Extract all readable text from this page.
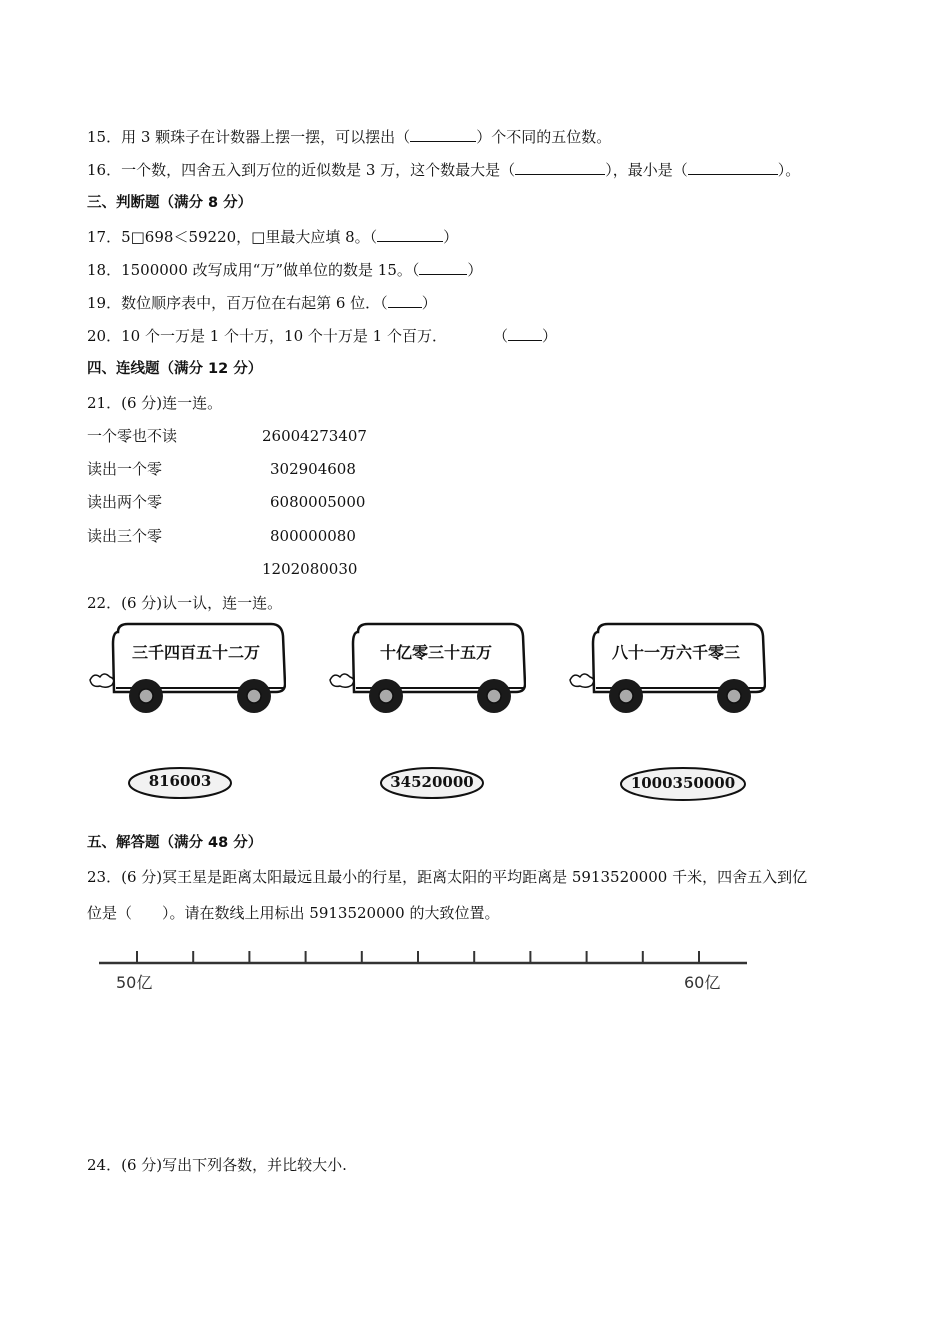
15．用 3 颗珠子在计数器上摆一摆，可以摆出（	）个不同的五位数。
16．一个数，四舍五入到万位的近似数是 3 万，这个数最大是（	），最小是（	）。
三、判断题（满分 8 分）
17．5□698＜59220，□里最大应填 8。（	）
18．1500000 改写成用“万”做单位的数是 15。（	）
19．数位顺序表中，百万位在右起第 6 位．（ ）
20．10 个一万是 1 个十万，10 个十万是 1 个百万．	（ ）
四、连线题（满分 12 分）
21．(6 分)连一连。
一个零也不读
读出一个零
读出两个零
读出三个零
26004273407
302904608
6080005000
800000080
1202080030
22．(6 分)认一认，连一连。
三千四百五十二万	十亿零三十五万	八十一万六千零三
816003	34520000	1000350000
五、解答题（满分 48 分）
23．(6 分)冥王星是距离太阳最远且最小的行星，距离太阳的平均距离是 5913520000 千米，四舍五入到亿
位是（　　）。请在数线上用标出 5913520000 的大致位置。
50亿	60亿
24．(6 分)写出下列各数，并比较大小.
